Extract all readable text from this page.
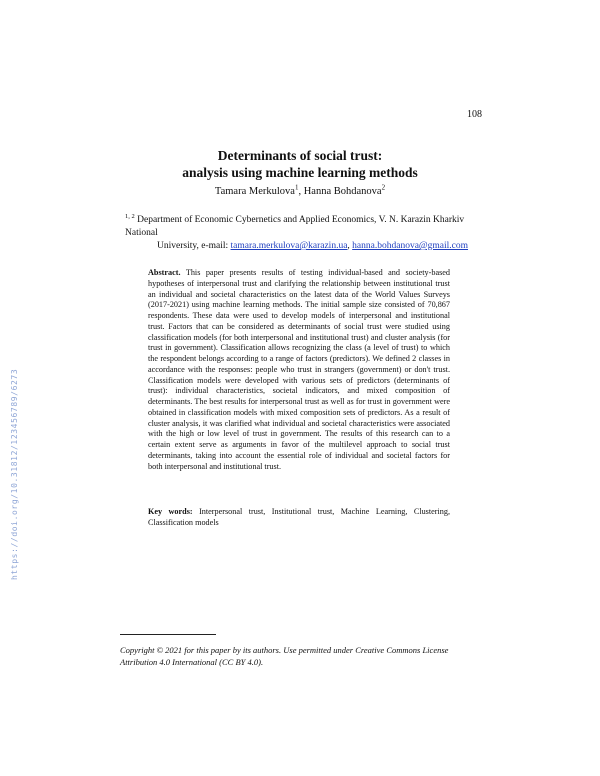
108
Determinants of social trust:
analysis using machine learning methods
Tamara Merkulova$^1$, Hanna Bohdanova$^2$
$^{1, 2}$ Department of Economic Cybernetics and Applied Economics, V. N. Karazin Kharkiv National
University, e-mail: tamara.merkulova@karazin.ua, hanna.bohdanova@gmail.com

Abstract. This paper presents results of testing individual-based and society-based hypotheses of interpersonal trust and clarifying the relationship between institutional trust an individual and societal characteristics on the latest data of the World Values Surveys (2017-2021) using machine learning methods. The initial sample size consisted of 70,867 respondents. These data were used to develop models of interpersonal and institutional trust. Factors that can be considered as determinants of social trust were studied using classification models (for both interpersonal and institutional trust) and cluster analysis (for trust in government). Classification allows recognizing the class (a level of trust) to which the respondent belongs according to a range of factors (predictors). We defined 2 classes in accordance with the responses: people who trust in strangers (government) or don't trust. Classification models were developed with various sets of predictors (determinants of trust): individual characteristics, societal indicators, and mixed composition of determinants. The best results for interpersonal trust as well as for trust in government were obtained in classification models with mixed composition sets of predictors. As a result of cluster analysis, it was clarified what individual and societal characteristics were associated with the high or low level of trust in government. The results of this research can to a certain extent serve as arguments in favor of the multilevel approach to social trust determinants, taking into account the essential role of individual and societal factors for both interpersonal and institutional trust.

Key words: Interpersonal trust, Institutional trust, Machine Learning, Clustering, Classification models

Copyright © 2021 for this paper by its authors. Use permitted under Creative Commons License Attribution 4.0 International (CC BY 4.0).

https://doi.org/10.31812/123456789/6273
